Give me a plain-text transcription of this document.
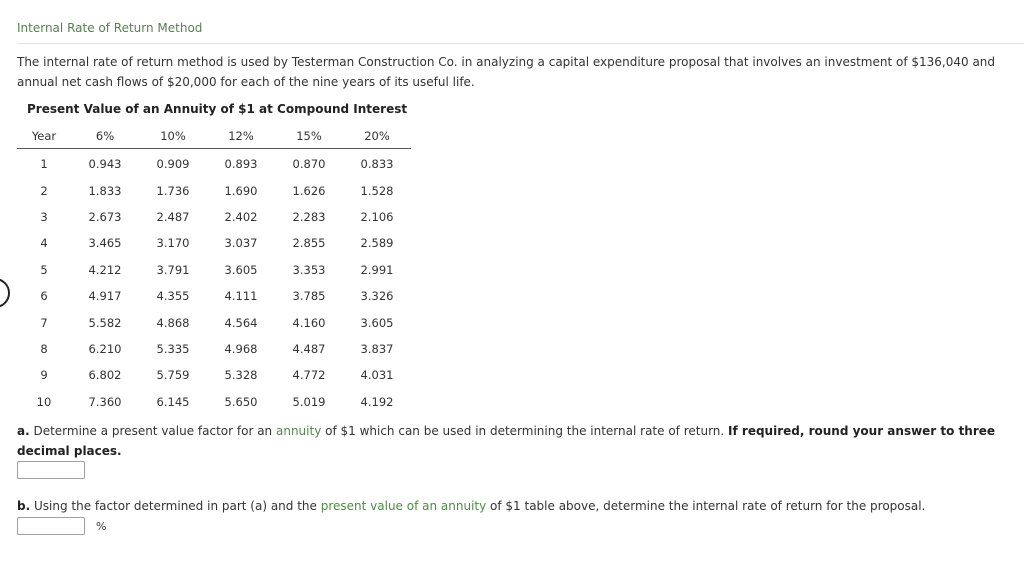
Internal Rate of Return Method
The internal rate of return method is used by Testerman Construction Co. in analyzing a capital expenditure proposal that involves an investment of $136,040 and annual net cash flows of $20,000 for each of the nine years of its useful life.
Present Value of an Annuity of $1 at Compound Interest
Year	6%	10%	12%	15%	20%
1	0.943	0.909	0.893	0.870	0.833
2	1.833	1.736	1.690	1.626	1.528
3	2.673	2.487	2.402	2.283	2.106
4	3.465	3.170	3.037	2.855	2.589
5	4.212	3.791	3.605	3.353	2.991
6	4.917	4.355	4.111	3.785	3.326
7	5.582	4.868	4.564	4.160	3.605
8	6.210	5.335	4.968	4.487	3.837
9	6.802	5.759	5.328	4.772	4.031
10	7.360	6.145	5.650	5.019	4.192
a. Determine a present value factor for an annuity of $1 which can be used in determining the internal rate of return. If required, round your answer to three decimal places.
b. Using the factor determined in part (a) and the present value of an annuity of $1 table above, determine the internal rate of return for the proposal.
%
